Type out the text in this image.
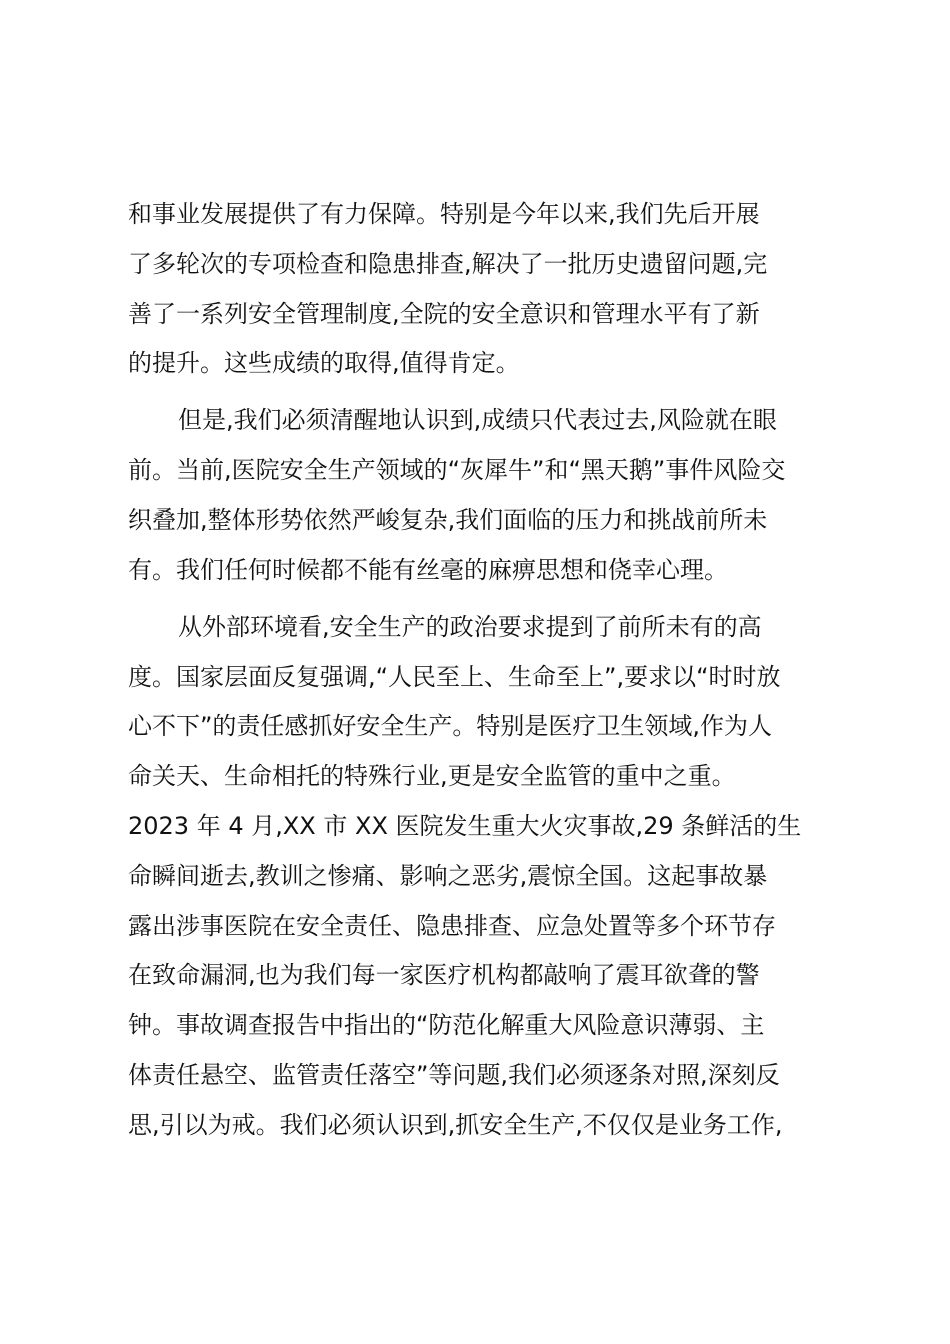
和事业发展提供了有力保障。特别是今年以来,我们先后开展
了多轮次的专项检查和隐患排查,解决了一批历史遗留问题,完
善了一系列安全管理制度,全院的安全意识和管理水平有了新
的提升。这些成绩的取得,值得肯定。
但是,我们必须清醒地认识到,成绩只代表过去,风险就在眼
前。当前,医院安全生产领域的“灰犀牛”和“黑天鹅”事件风险交
织叠加,整体形势依然严峻复杂,我们面临的压力和挑战前所未
有。我们任何时候都不能有丝毫的麻痹思想和侥幸心理。
从外部环境看,安全生产的政治要求提到了前所未有的高
度。国家层面反复强调,“人民至上、生命至上”,要求以“时时放
心不下”的责任感抓好安全生产。特别是医疗卫生领域,作为人
命关天、生命相托的特殊行业,更是安全监管的重中之重。
2023 年 4 月,XX 市 XX 医院发生重大火灾事故,29 条鲜活的生
命瞬间逝去,教训之惨痛、影响之恶劣,震惊全国。这起事故暴
露出涉事医院在安全责任、隐患排查、应急处置等多个环节存
在致命漏洞,也为我们每一家医疗机构都敲响了震耳欲聋的警
钟。事故调查报告中指出的“防范化解重大风险意识薄弱、主
体责任悬空、监管责任落空”等问题,我们必须逐条对照,深刻反
思,引以为戒。我们必须认识到,抓安全生产,不仅仅是业务工作,
